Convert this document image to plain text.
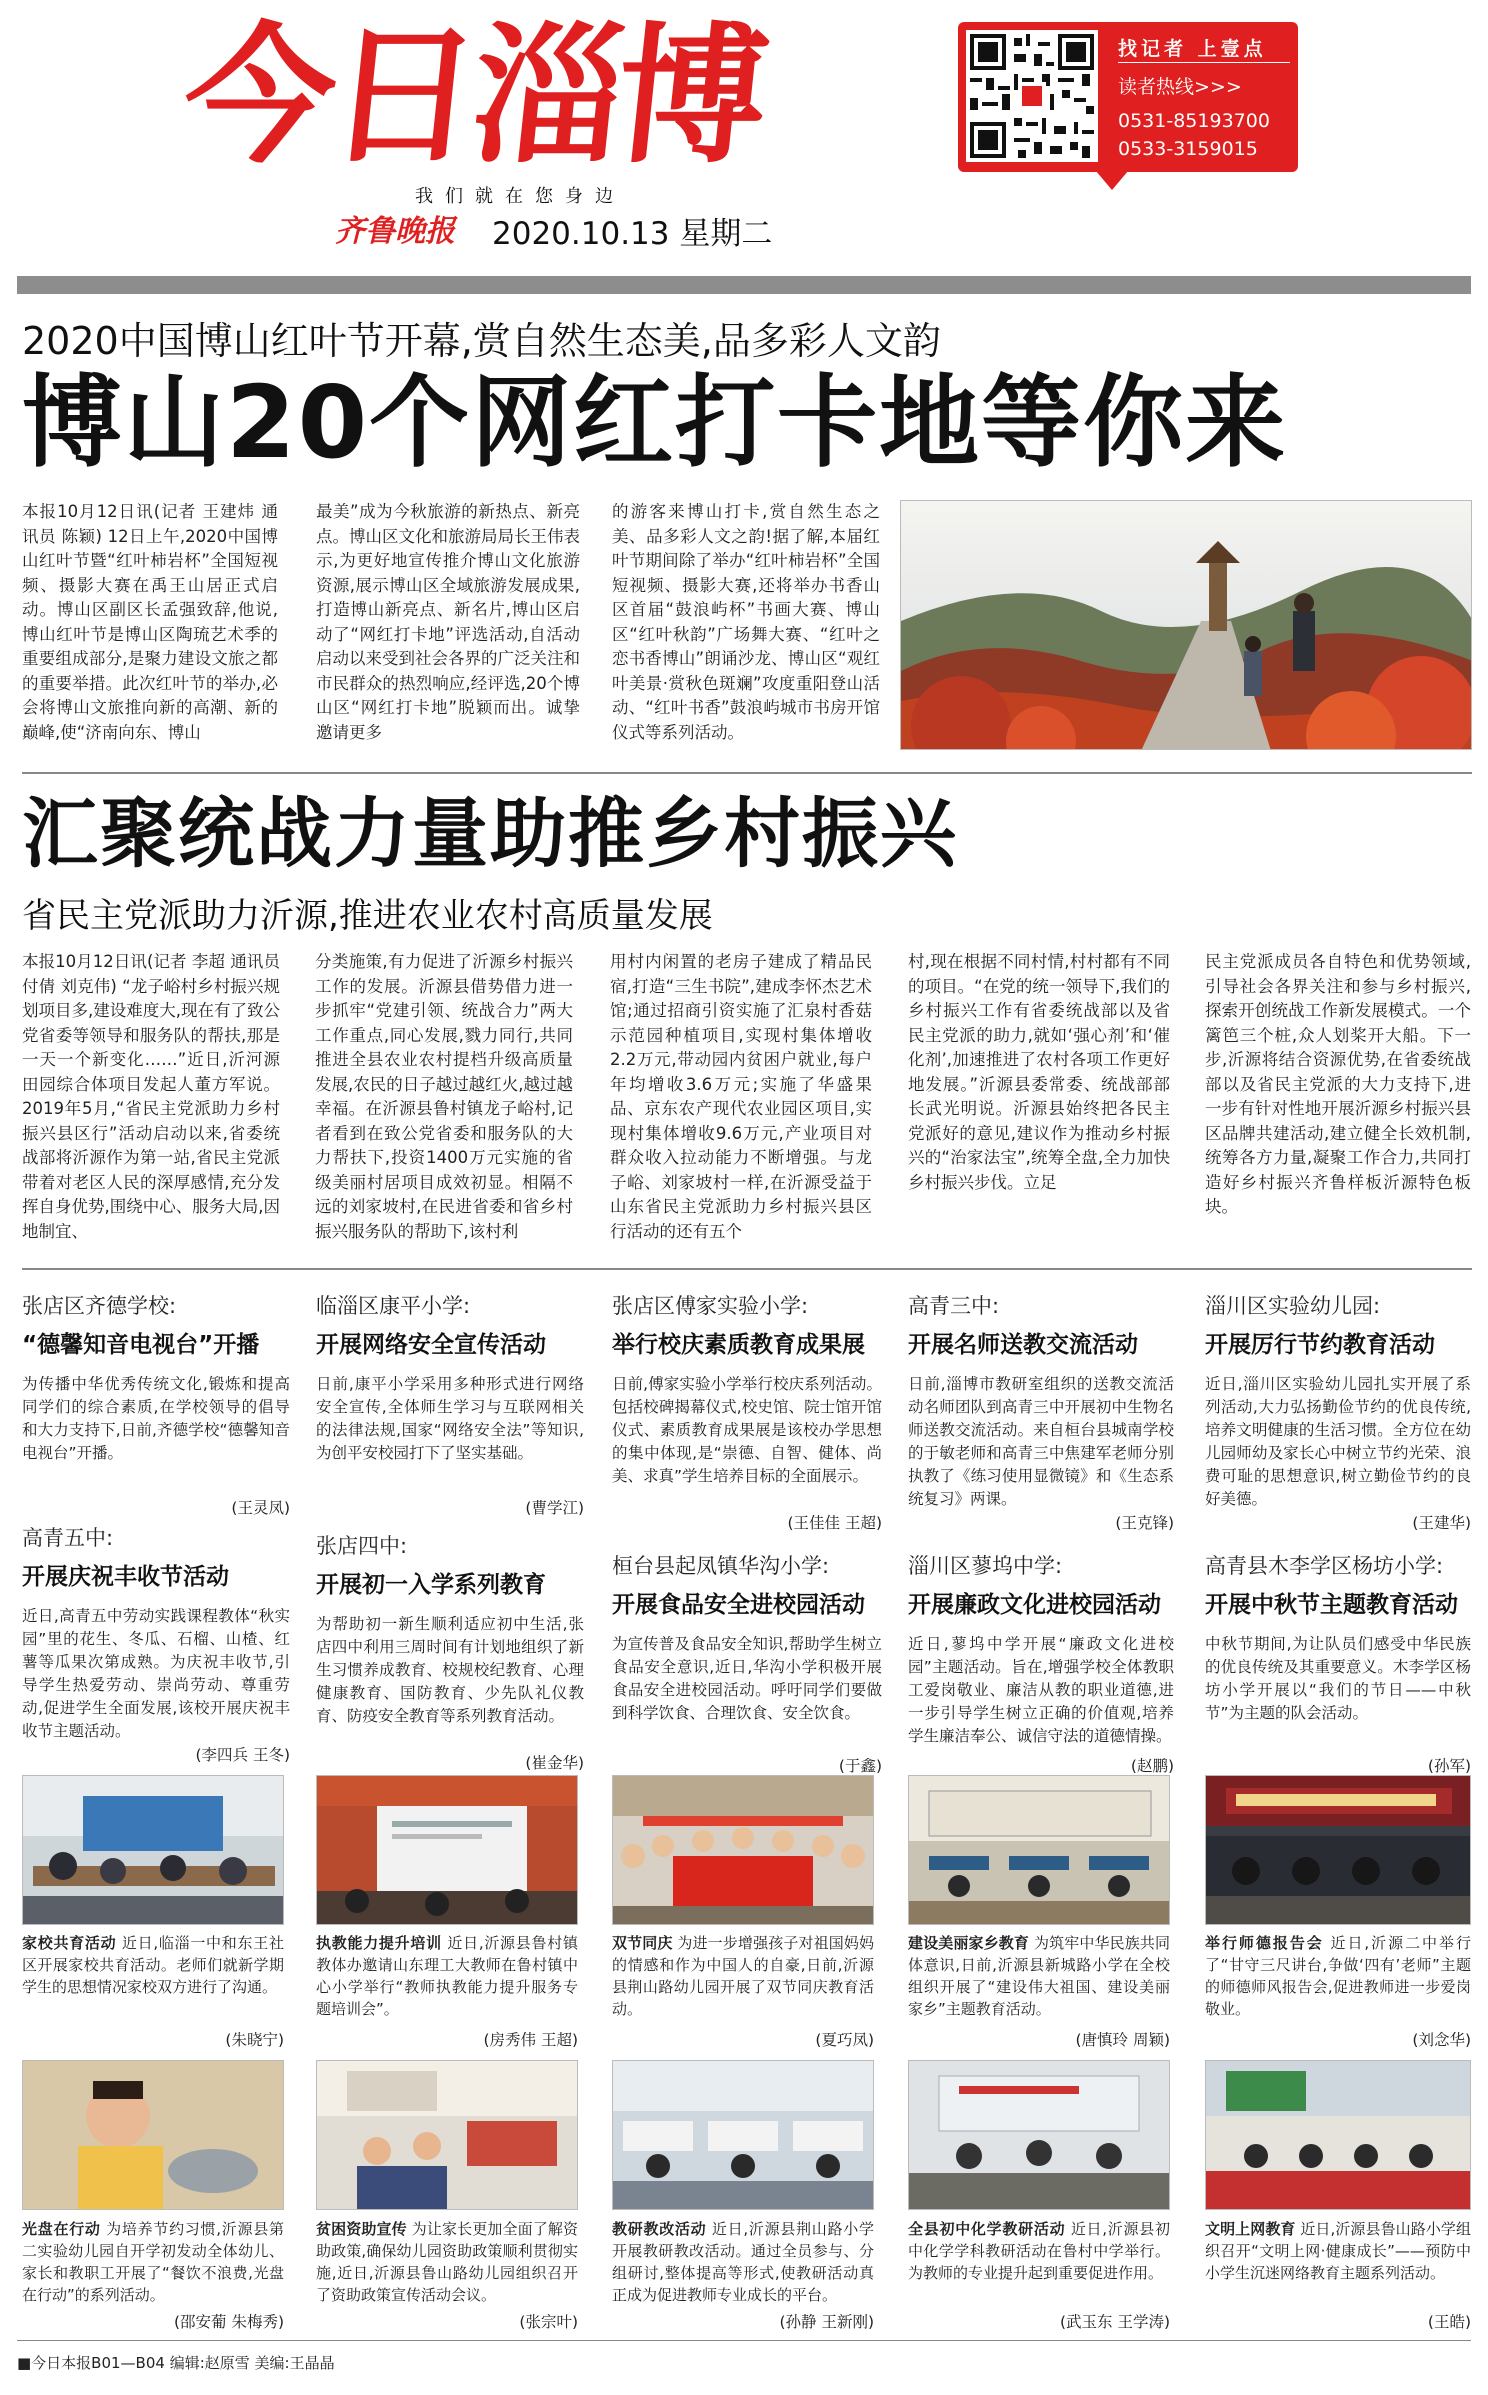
今日淄博
我们就在您身边
齐鲁晚报 2020.10.13 星期二
找记者 上壹点
读者热线>>>
0531-85193700
0533-3159015
2020中国博山红叶节开幕,赏自然生态美,品多彩人文韵
博山20个网红打卡地等你来
本报10月12日讯(记者 王建炜 通讯员 陈颖) 12日上午,2020中国博山红叶节暨“红叶柿岩杯”全国短视频、摄影大赛在禹王山居正式启动。博山区副区长孟强致辞,他说,博山红叶节是博山区陶琉艺术季的重要组成部分,是聚力建设文旅之都的重要举措。此次红叶节的举办,必会将博山文旅推向新的高潮、新的巅峰,使“济南向东、博山
最美”成为今秋旅游的新热点、新亮点。博山区文化和旅游局局长王伟表示,为更好地宣传推介博山文化旅游资源,展示博山区全域旅游发展成果,打造博山新亮点、新名片,博山区启动了“网红打卡地”评选活动,自活动启动以来受到社会各界的广泛关注和市民群众的热烈响应,经评选,20个博山区“网红打卡地”脱颖而出。诚挚邀请更多
的游客来博山打卡,赏自然生态之美、品多彩人文之韵!据了解,本届红叶节期间除了举办“红叶柿岩杯”全国短视频、摄影大赛,还将举办书香山区首届“鼓浪屿杯”书画大赛、博山区“红叶秋韵”广场舞大赛、“红叶之恋书香博山”朗诵沙龙、博山区“观红叶美景·赏秋色斑斓”攻度重阳登山活动、“红叶书香”鼓浪屿城市书房开馆仪式等系列活动。
汇聚统战力量助推乡村振兴
省民主党派助力沂源,推进农业农村高质量发展
本报10月12日讯(记者 李超 通讯员 付倩 刘克伟) “龙子峪村乡村振兴规划项目多,建设难度大,现在有了致公党省委等领导和服务队的帮扶,那是一天一个新变化……”近日,沂河源田园综合体项目发起人董方军说。2019年5月,“省民主党派助力乡村振兴县区行”活动启动以来,省委统战部将沂源作为第一站,省民主党派带着对老区人民的深厚感情,充分发挥自身优势,围绕中心、服务大局,因地制宜、
分类施策,有力促进了沂源乡村振兴工作的发展。沂源县借势借力进一步抓牢“党建引领、统战合力”两大工作重点,同心发展,戮力同行,共同推进全县农业农村提档升级高质量发展,农民的日子越过越红火,越过越幸福。在沂源县鲁村镇龙子峪村,记者看到在致公党省委和服务队的大力帮扶下,投资1400万元实施的省级美丽村居项目成效初显。相隔不远的刘家坡村,在民进省委和省乡村振兴服务队的帮助下,该村利
用村内闲置的老房子建成了精品民宿,打造“三生书院”,建成李怀杰艺术馆;通过招商引资实施了汇泉村香菇示范园种植项目,实现村集体增收2.2万元,带动园内贫困户就业,每户年均增收3.6万元;实施了华盛果品、京东农产现代农业园区项目,实现村集体增收9.6万元,产业项目对群众收入拉动能力不断增强。与龙子峪、刘家坡村一样,在沂源受益于山东省民主党派助力乡村振兴县区行活动的还有五个
村,现在根据不同村情,村村都有不同的项目。“在党的统一领导下,我们的乡村振兴工作有省委统战部以及省民主党派的助力,就如‘强心剂’和‘催化剂’,加速推进了农村各项工作更好地发展。”沂源县委常委、统战部部长武光明说。沂源县始终把各民主党派好的意见,建议作为推动乡村振兴的“治家法宝”,统筹全盘,全力加快乡村振兴步伐。立足
民主党派成员各自特色和优势领域,引导社会各界关注和参与乡村振兴,探索开创统战工作新发展模式。一个篱笆三个桩,众人划桨开大船。下一步,沂源将结合资源优势,在省委统战部以及省民主党派的大力支持下,进一步有针对性地开展沂源乡村振兴县区品牌共建活动,建立健全长效机制,统筹各方力量,凝聚工作合力,共同打造好乡村振兴齐鲁样板沂源特色板块。
张店区齐德学校:
“德馨知音电视台”开播
为传播中华优秀传统文化,锻炼和提高同学们的综合素质,在学校领导的倡导和大力支持下,日前,齐德学校“德馨知音电视台”开播。
(王灵凤)
临淄区康平小学:
开展网络安全宣传活动
日前,康平小学采用多种形式进行网络安全宣传,全体师生学习与互联网相关的法律法规,国家“网络安全法”等知识,为创平安校园打下了坚实基础。
(曹学江)
张店区傅家实验小学:
举行校庆素质教育成果展
日前,傅家实验小学举行校庆系列活动。包括校碑揭幕仪式,校史馆、院士馆开馆仪式、素质教育成果展是该校办学思想的集中体现,是“崇德、自智、健体、尚美、求真”学生培养目标的全面展示。
(王佳佳 王超)
高青三中:
开展名师送教交流活动
日前,淄博市教研室组织的送教交流活动名师团队到高青三中开展初中生物名师送教交流活动。来自桓台县城南学校的于敏老师和高青三中焦建军老师分别执教了《练习使用显微镜》和《生态系统复习》两课。
(王克锋)
淄川区实验幼儿园:
开展厉行节约教育活动
近日,淄川区实验幼儿园扎实开展了系列活动,大力弘扬勤俭节约的优良传统,培养文明健康的生活习惯。全方位在幼儿园师幼及家长心中树立节约光荣、浪费可耻的思想意识,树立勤俭节约的良好美德。
(王建华)
高青五中:
开展庆祝丰收节活动
近日,高青五中劳动实践课程教体“秋实园”里的花生、冬瓜、石榴、山楂、红薯等瓜果次第成熟。为庆祝丰收节,引导学生热爱劳动、崇尚劳动、尊重劳动,促进学生全面发展,该校开展庆祝丰收节主题活动。
(李四兵 王冬)
张店四中:
开展初一入学系列教育
为帮助初一新生顺利适应初中生活,张店四中利用三周时间有计划地组织了新生习惯养成教育、校规校纪教育、心理健康教育、国防教育、少先队礼仪教育、防疫安全教育等系列教育活动。
(崔金华)
桓台县起凤镇华沟小学:
开展食品安全进校园活动
为宣传普及食品安全知识,帮助学生树立食品安全意识,近日,华沟小学积极开展食品安全进校园活动。呼吁同学们要做到科学饮食、合理饮食、安全饮食。
(于鑫)
淄川区蓼坞中学:
开展廉政文化进校园活动
近日,蓼坞中学开展“廉政文化进校园”主题活动。旨在,增强学校全体教职工爱岗敬业、廉洁从教的职业道德,进一步引导学生树立正确的价值观,培养学生廉洁奉公、诚信守法的道德情操。
(赵鹏)
高青县木李学区杨坊小学:
开展中秋节主题教育活动
中秋节期间,为让队员们感受中华民族的优良传统及其重要意义。木李学区杨坊小学开展以“我们的节日——中秋节”为主题的队会活动。
(孙军)
家校共育活动 近日,临淄一中和东王社区开展家校共育活动。老师们就新学期学生的思想情况家校双方进行了沟通。
(朱晓宁)
执教能力提升培训 近日,沂源县鲁村镇教体办邀请山东理工大教师在鲁村镇中心小学举行“教师执教能力提升服务专题培训会”。
(房秀伟 王超)
双节同庆 为进一步增强孩子对祖国妈妈的情感和作为中国人的自豪,日前,沂源县荆山路幼儿园开展了双节同庆教育活动。
(夏巧凤)
建设美丽家乡教育 为筑牢中华民族共同体意识,日前,沂源县新城路小学在全校组织开展了“建设伟大祖国、建设美丽家乡”主题教育活动。
(唐慎玲 周颖)
举行师德报告会 近日,沂源二中举行了“甘守三尺讲台,争做‘四有’老师”主题的师德师风报告会,促进教师进一步爱岗敬业。
(刘念华)
光盘在行动 为培养节约习惯,沂源县第二实验幼儿园自开学初发动全体幼儿、家长和教职工开展了“餐饮不浪费,光盘在行动”的系列活动。
(邵安葡 朱梅秀)
贫困资助宣传 为让家长更加全面了解资助政策,确保幼儿园资助政策顺利贯彻实施,近日,沂源县鲁山路幼儿园组织召开了资助政策宣传活动会议。
(张宗叶)
教研教改活动 近日,沂源县荆山路小学开展教研教改活动。通过全员参与、分组研讨,整体提高等形式,使教研活动真正成为促进教师专业成长的平台。
(孙静 王新刚)
全县初中化学教研活动 近日,沂源县初中化学学科教研活动在鲁村中学举行。为教师的专业提升起到重要促进作用。
(武玉东 王学涛)
文明上网教育 近日,沂源县鲁山路小学组织召开“文明上网·健康成长”——预防中小学生沉迷网络教育主题系列活动。
(王皓)
■今日本报B01—B04 编辑:赵原雪 美编:王晶晶
